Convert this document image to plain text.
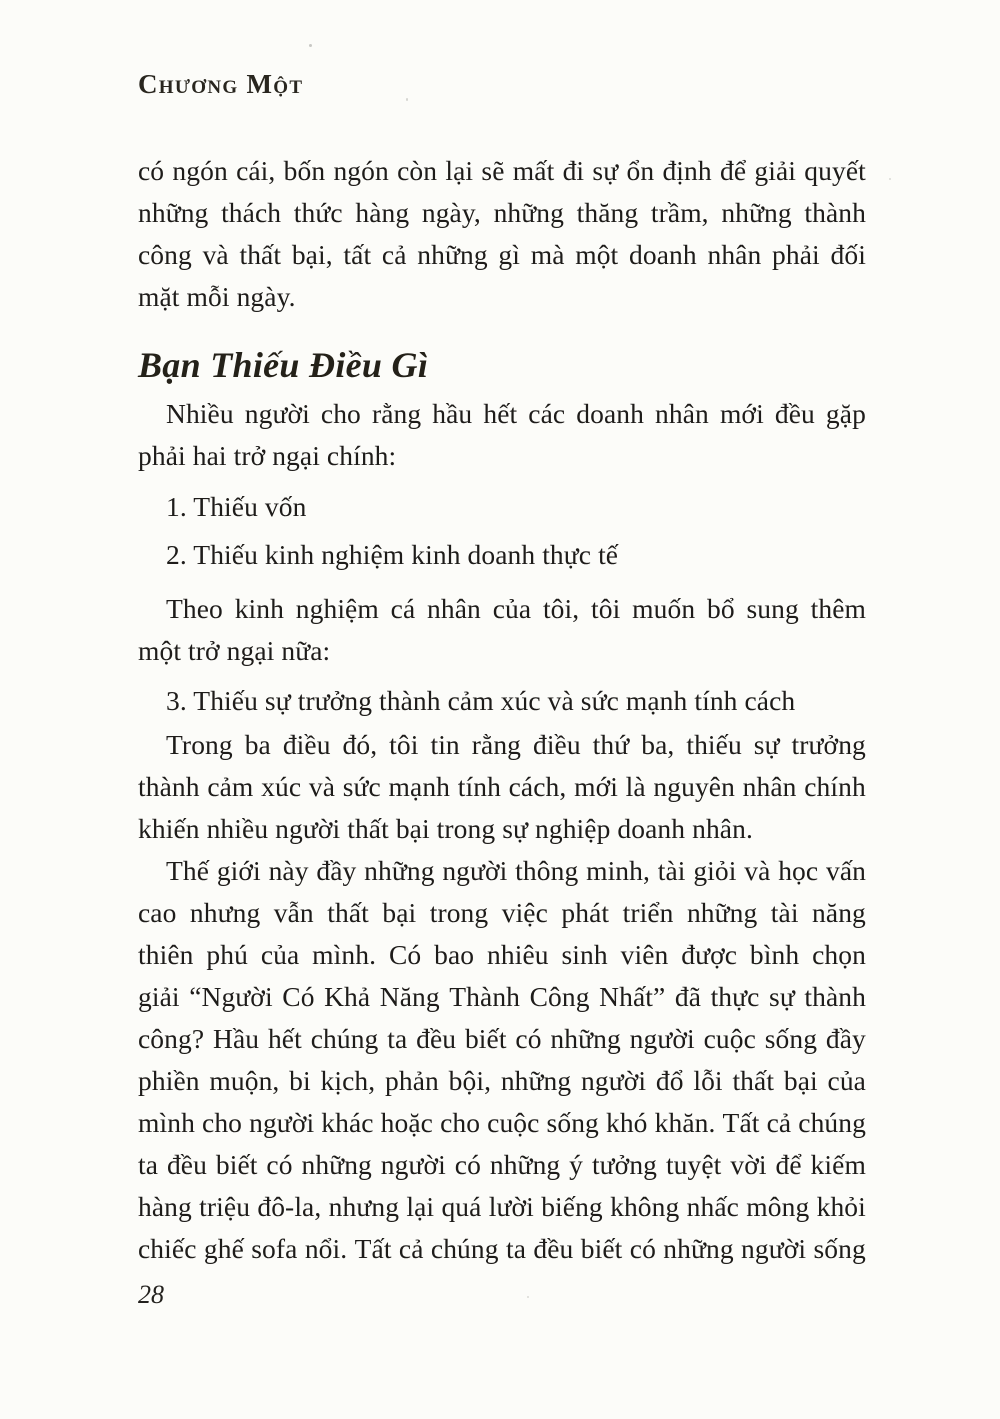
Chương Một
có ngón cái, bốn ngón còn lại sẽ mất đi sự ổn định để giải quyết
những thách thức hàng ngày, những thăng trầm, những thành
công và thất bại, tất cả những gì mà một doanh nhân phải đối
mặt mỗi ngày.
Bạn Thiếu Điều Gì
Nhiều người cho rằng hầu hết các doanh nhân mới đều gặp
phải hai trở ngại chính:
1. Thiếu vốn
2. Thiếu kinh nghiệm kinh doanh thực tế
Theo kinh nghiệm cá nhân của tôi, tôi muốn bổ sung thêm
một trở ngại nữa:
3. Thiếu sự trưởng thành cảm xúc và sức mạnh tính cách
Trong ba điều đó, tôi tin rằng điều thứ ba, thiếu sự trưởng
thành cảm xúc và sức mạnh tính cách, mới là nguyên nhân chính
khiến nhiều người thất bại trong sự nghiệp doanh nhân.
Thế giới này đầy những người thông minh, tài giỏi và học vấn
cao nhưng vẫn thất bại trong việc phát triển những tài năng
thiên phú của mình. Có bao nhiêu sinh viên được bình chọn
giải “Người Có Khả Năng Thành Công Nhất” đã thực sự thành
công? Hầu hết chúng ta đều biết có những người cuộc sống đầy
phiền muộn, bi kịch, phản bội, những người đổ lỗi thất bại của
mình cho người khác hoặc cho cuộc sống khó khăn. Tất cả chúng
ta đều biết có những người có những ý tưởng tuyệt vời để kiếm
hàng triệu đô-la, nhưng lại quá lười biếng không nhấc mông khỏi
chiếc ghế sofa nổi. Tất cả chúng ta đều biết có những người sống
28
